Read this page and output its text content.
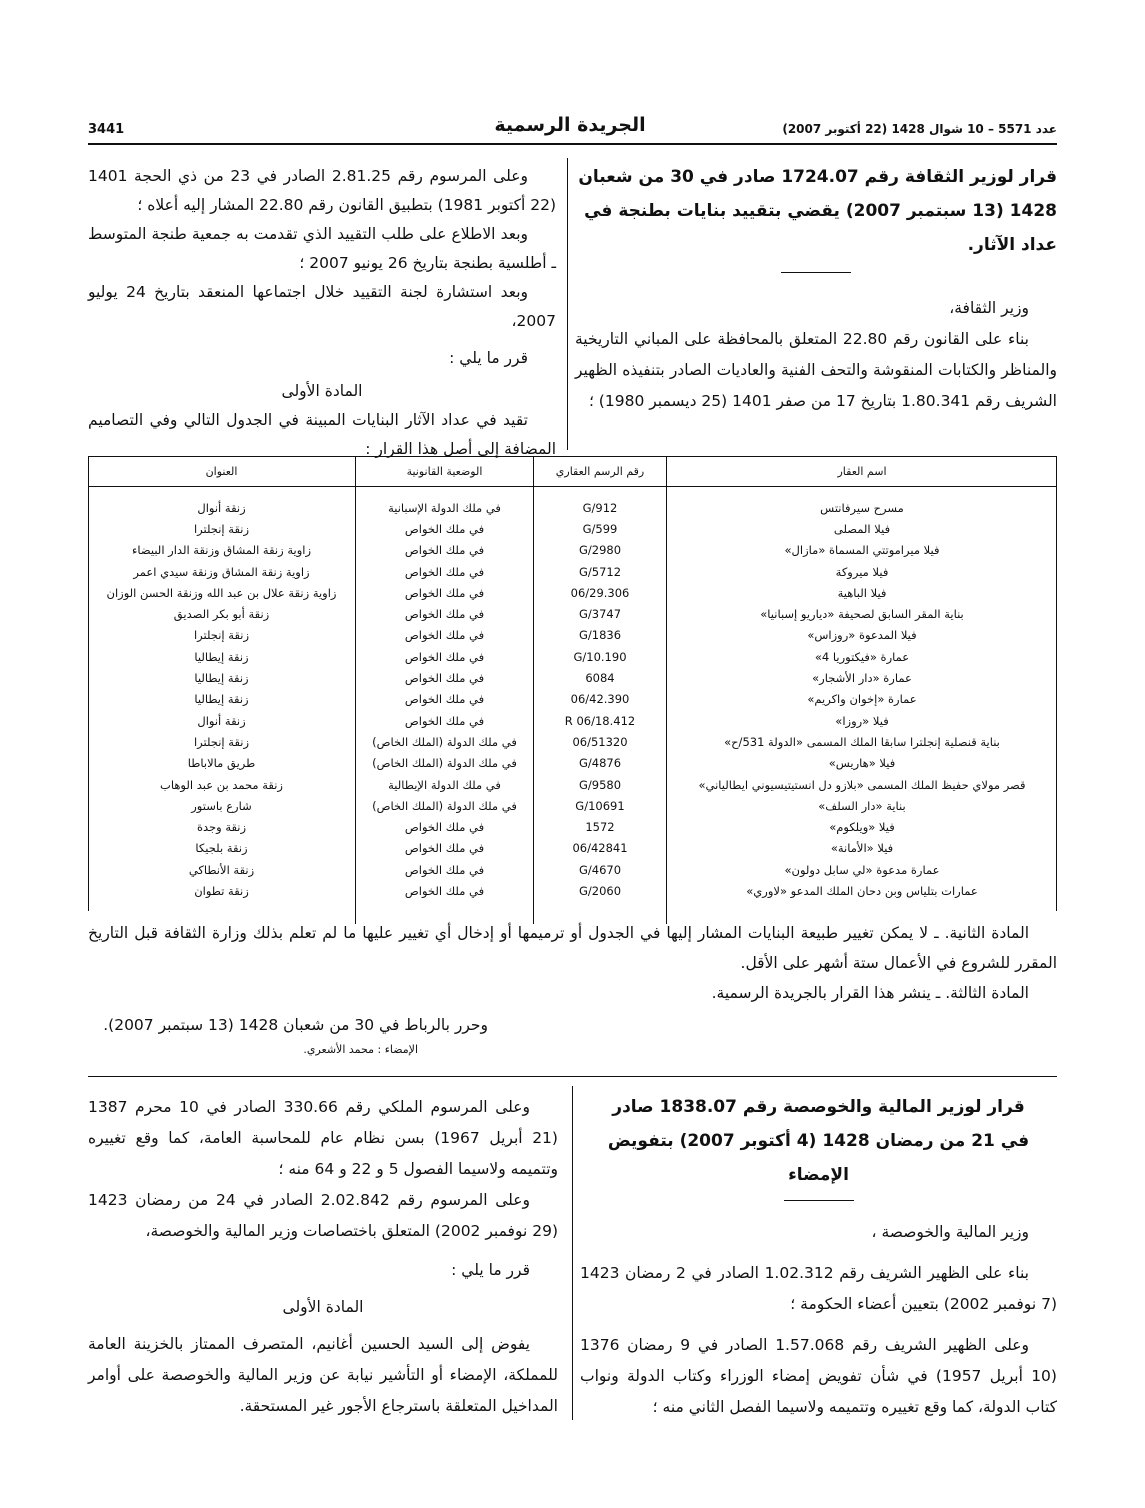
3441	الجريدة الرسمية	عدد 5571 – 10 شوال 1428 (22 أكتوبر 2007)

قرار لوزير الثقافة رقم 1724.07 صادر في 30 من شعبان 1428 (13 سبتمبر 2007) يقضي بتقييد بنايات بطنجة في عداد الآثار.

وزير الثقافة،

بناء على القانون رقم 22.80 المتعلق بالمحافظة على المباني التاريخية والمناظر والكتابات المنقوشة والتحف الفنية والعاديات الصادر بتنفيذه الظهير الشريف رقم 1.80.341 بتاريخ 17 من صفر 1401 (25 ديسمبر 1980) ؛

وعلى المرسوم رقم 2.81.25 الصادر في 23 من ذي الحجة 1401 (22 أكتوبر 1981) بتطبيق القانون رقم 22.80 المشار إليه أعلاه ؛

وبعد الاطلاع على طلب التقييد الذي تقدمت به جمعية طنجة المتوسط ـ أطلسية بطنجة بتاريخ 26 يونيو 2007 ؛

وبعد استشارة لجنة التقييد خلال اجتماعها المنعقد بتاريخ 24 يوليو 2007،

قرر ما يلي :

المادة الأولى

تقيد في عداد الآثار البنايات المبينة في الجدول التالي وفي التصاميم المضافة إلى أصل هذا القرار :

اسم العقار	رقم الرسم العقاري	الوضعية القانونية	العنوان

مسرح سيرفانتس	912/G	في ملك الدولة الإسبانية	زنقة أنوال
فيلا المصلى	599/G	في ملك الخواص	زنقة إنجلترا
فيلا ميراموتتي المسماة «مازال»	2980/G	في ملك الخواص	زاوية زنقة المشاق وزنقة الدار البيضاء
فيلا ميروكة	5712/G	في ملك الخواص	زاوية زنقة المشاق وزنقة سيدي اعمر
فيلا الباهية	06/29.306	في ملك الخواص	زاوية زنقة علال بن عبد الله وزنقة الحسن الوزان
بناية المقر السابق لصحيفة «دياريو إسبانيا»	3747/G	في ملك الخواص	زنقة أبو بكر الصديق
فيلا المدعوة «روزاس»	1836/G	في ملك الخواص	زنقة إنجلترا
عمارة «فيكتوريا 4»	10.190/G	في ملك الخواص	زنقة إيطاليا
عمارة «دار الأشجار»	6084	في ملك الخواص	زنقة إيطاليا
عمارة «إخوان واكريم»	06/42.390	في ملك الخواص	زنقة إيطاليا
فيلا «روزا»	06/18.412 R	في ملك الخواص	زنقة أنوال
بناية قنصلية إنجلترا سابقا الملك المسمى «الدولة 531/ح»	06/51320	في ملك الدولة (الملك الخاص)	زنقة إنجلترا
فيلا «هاريس»	4876/G	في ملك الدولة (الملك الخاص)	طريق مالاباطا
قصر مولاي حفيظ الملك المسمى «بلازو دل انستيتيسيوني ايطالياني»	9580/G	في ملك الدولة الإيطالية	زنقة محمد بن عبد الوهاب
بناية «دار السلف»	10691/G	في ملك الدولة (الملك الخاص)	شارع باستور
فيلا «ويلكوم»	1572	في ملك الخواص	زنقة وجدة
فيلا «الأمانة»	06/42841	في ملك الخواص	زنقة بلجيكا
عمارة مدعوة «لي سابل دولون»	4670/G	في ملك الخواص	زنقة الأنطاكي
عمارات بتلياس وبن دحان الملك المدعو «لاوري»	2060/G	في ملك الخواص	زنقة تطوان

المادة الثانية. ـ لا يمكن تغيير طبيعة البنايات المشار إليها في الجدول أو ترميمها أو إدخال أي تغيير عليها ما لم تعلم بذلك وزارة الثقافة قبل التاريخ المقرر للشروع في الأعمال ستة أشهر على الأقل.

المادة الثالثة. ـ ينشر هذا القرار بالجريدة الرسمية.

وحرر بالرباط في 30 من شعبان 1428 (13 سبتمبر 2007).

الإمضاء : محمد الأشعري.

قرار لوزير المالية والخوصصة رقم 1838.07 صادر في 21 من رمضان 1428 (4 أكتوبر 2007) بتفويض الإمضاء

وزير المالية والخوصصة ،

بناء على الظهير الشريف رقم 1.02.312 الصادر في 2 رمضان 1423 (7 نوفمبر 2002) بتعيين أعضاء الحكومة ؛

وعلى الظهير الشريف رقم 1.57.068 الصادر في 9 رمضان 1376 (10 أبريل 1957) في شأن تفويض إمضاء الوزراء وكتاب الدولة ونواب كتاب الدولة، كما وقع تغييره وتتميمه ولاسيما الفصل الثاني منه ؛

وعلى المرسوم الملكي رقم 330.66 الصادر في 10 محرم 1387 (21 أبريل 1967) بسن نظام عام للمحاسبة العامة، كما وقع تغييره وتتميمه ولاسيما الفصول 5 و 22 و 64 منه ؛

وعلى المرسوم رقم 2.02.842 الصادر في 24 من رمضان 1423 (29 نوفمبر 2002) المتعلق باختصاصات وزير المالية والخوصصة،

قرر ما يلي :

المادة الأولى

يفوض إلى السيد الحسين أغانيم، المتصرف الممتاز بالخزينة العامة للمملكة، الإمضاء أو التأشير نيابة عن وزير المالية والخوصصة على أوامر المداخيل المتعلقة باسترجاع الأجور غير المستحقة.
